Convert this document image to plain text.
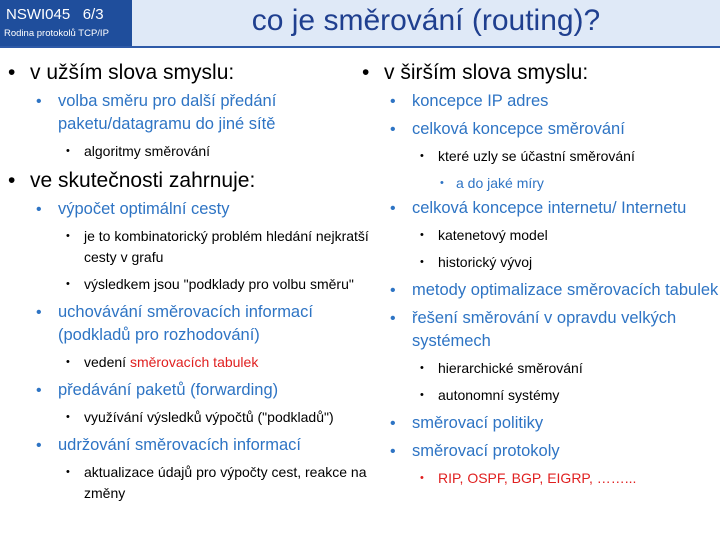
NSWI045 6/3
Rodina protokolů TCP/IP	co je směrování (routing)?
• v užším slova smyslu:
• volba směru pro další předání paketu/datagramu do jiné sítě
• algoritmy směrování
• ve skutečnosti zahrnuje:
• výpočet optimální cesty
• je to kombinatorický problém hledání nejkratší cesty v grafu
• výsledkem jsou "podklady pro volbu směru"
• uchovávání směrovacích informací (podkladů pro rozhodování)
• vedení směrovacích tabulek
• předávání paketů (forwarding)
• využívání výsledků výpočtů ("podkladů")
• udržování směrovacích informací
• aktualizace údajů pro výpočty cest, reakce na změny
• v širším slova smyslu:
• koncepce IP adres
• celková koncepce směrování
• které uzly se účastní směrování
• a do jaké míry
• celková koncepce internetu/ Internetu
• katenetový model
• historický vývoj
• metody optimalizace směrovacích tabulek
• řešení směrování v opravdu velkých systémech
• hierarchické směrování
• autonomní systémy
• směrovací politiky
• směrovací protokoly
• RIP, OSPF, BGP, EIGRP, ……...
